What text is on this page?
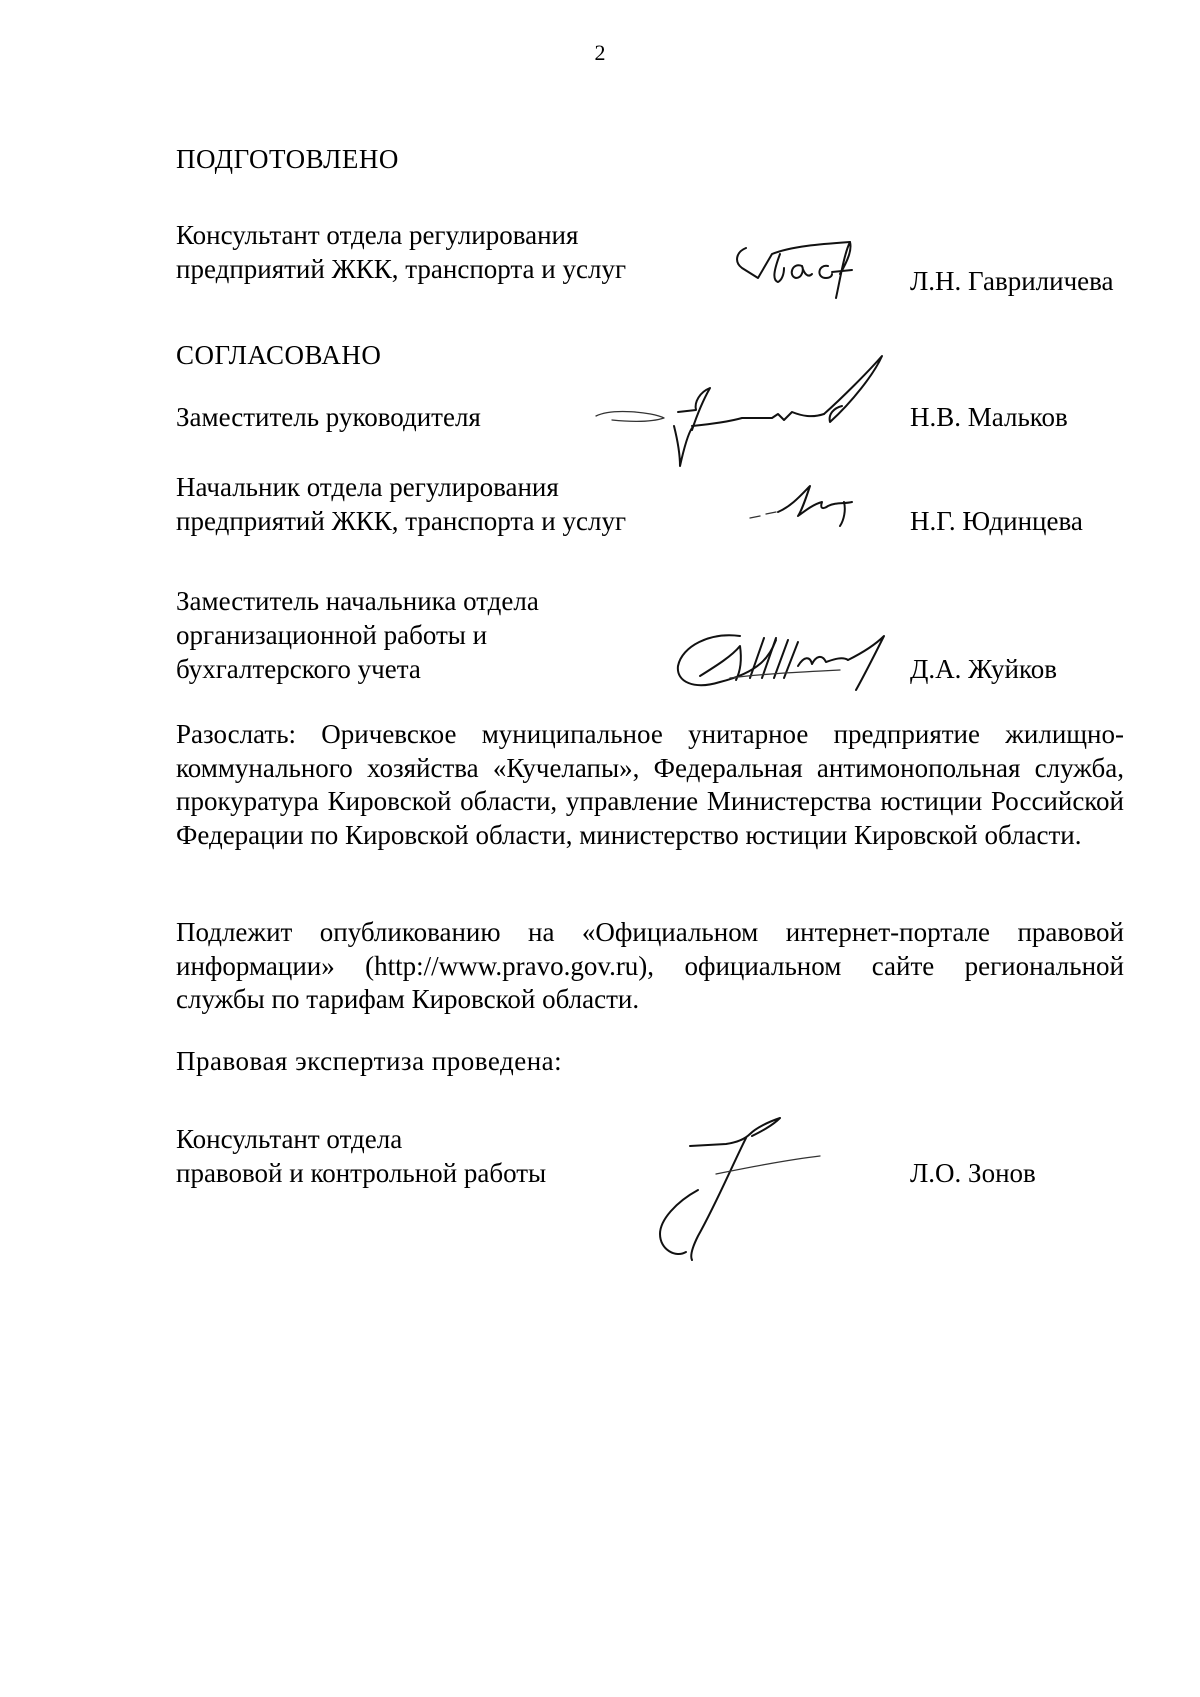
2
ПОДГОТОВЛЕНО
Консультант отдела регулирования
предприятий ЖКК, транспорта и услуг	Л.Н. Гавриличева
СОГЛАСОВАНО
Заместитель руководителя	Н.В. Мальков
Начальник отдела регулирования
предприятий ЖКК, транспорта и услуг	Н.Г. Юдинцева
Заместитель начальника отдела
организационной работы и
бухгалтерского учета	Д.А. Жуйков

Разослать: Оричевское муниципальное унитарное предприятие жилищно-коммунального хозяйства «Кучелапы», Федеральная антимонопольная служба, прокуратура Кировской области, управление Министерства юстиции Российской Федерации по Кировской области, министерство юстиции Кировской области.

Подлежит опубликованию на «Официальном интернет-портале правовой информации» (http://www.pravo.gov.ru), официальном сайте региональной службы по тарифам Кировской области.

Правовая экспертиза проведена:
Консультант отдела
правовой и контрольной работы	Л.О. Зонов
